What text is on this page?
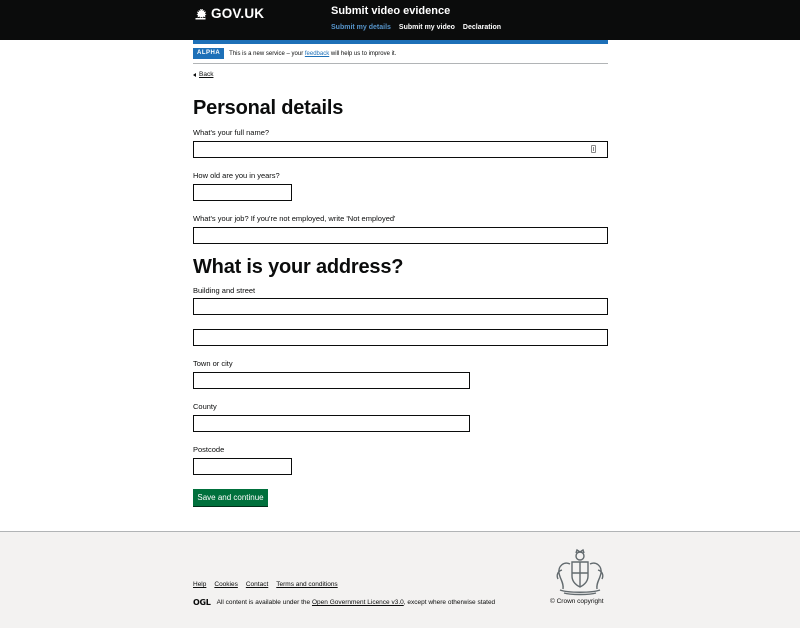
GOV.UK	Submit video evidence
Submit my details Submit my video Declaration
ALPHA	This is a new service – your feedback will help us to improve it.
Back
Personal details
What's your full name?
How old are you in years?
What's your job? If you're not employed, write 'Not employed'
What is your address?
Building and street
Town or city
County
Postcode
Save and continue
Help Cookies Contact Terms and conditions
OGL All content is available under the
Open Government Licence v3.0 , except where otherwise stated	© Crown copyright
